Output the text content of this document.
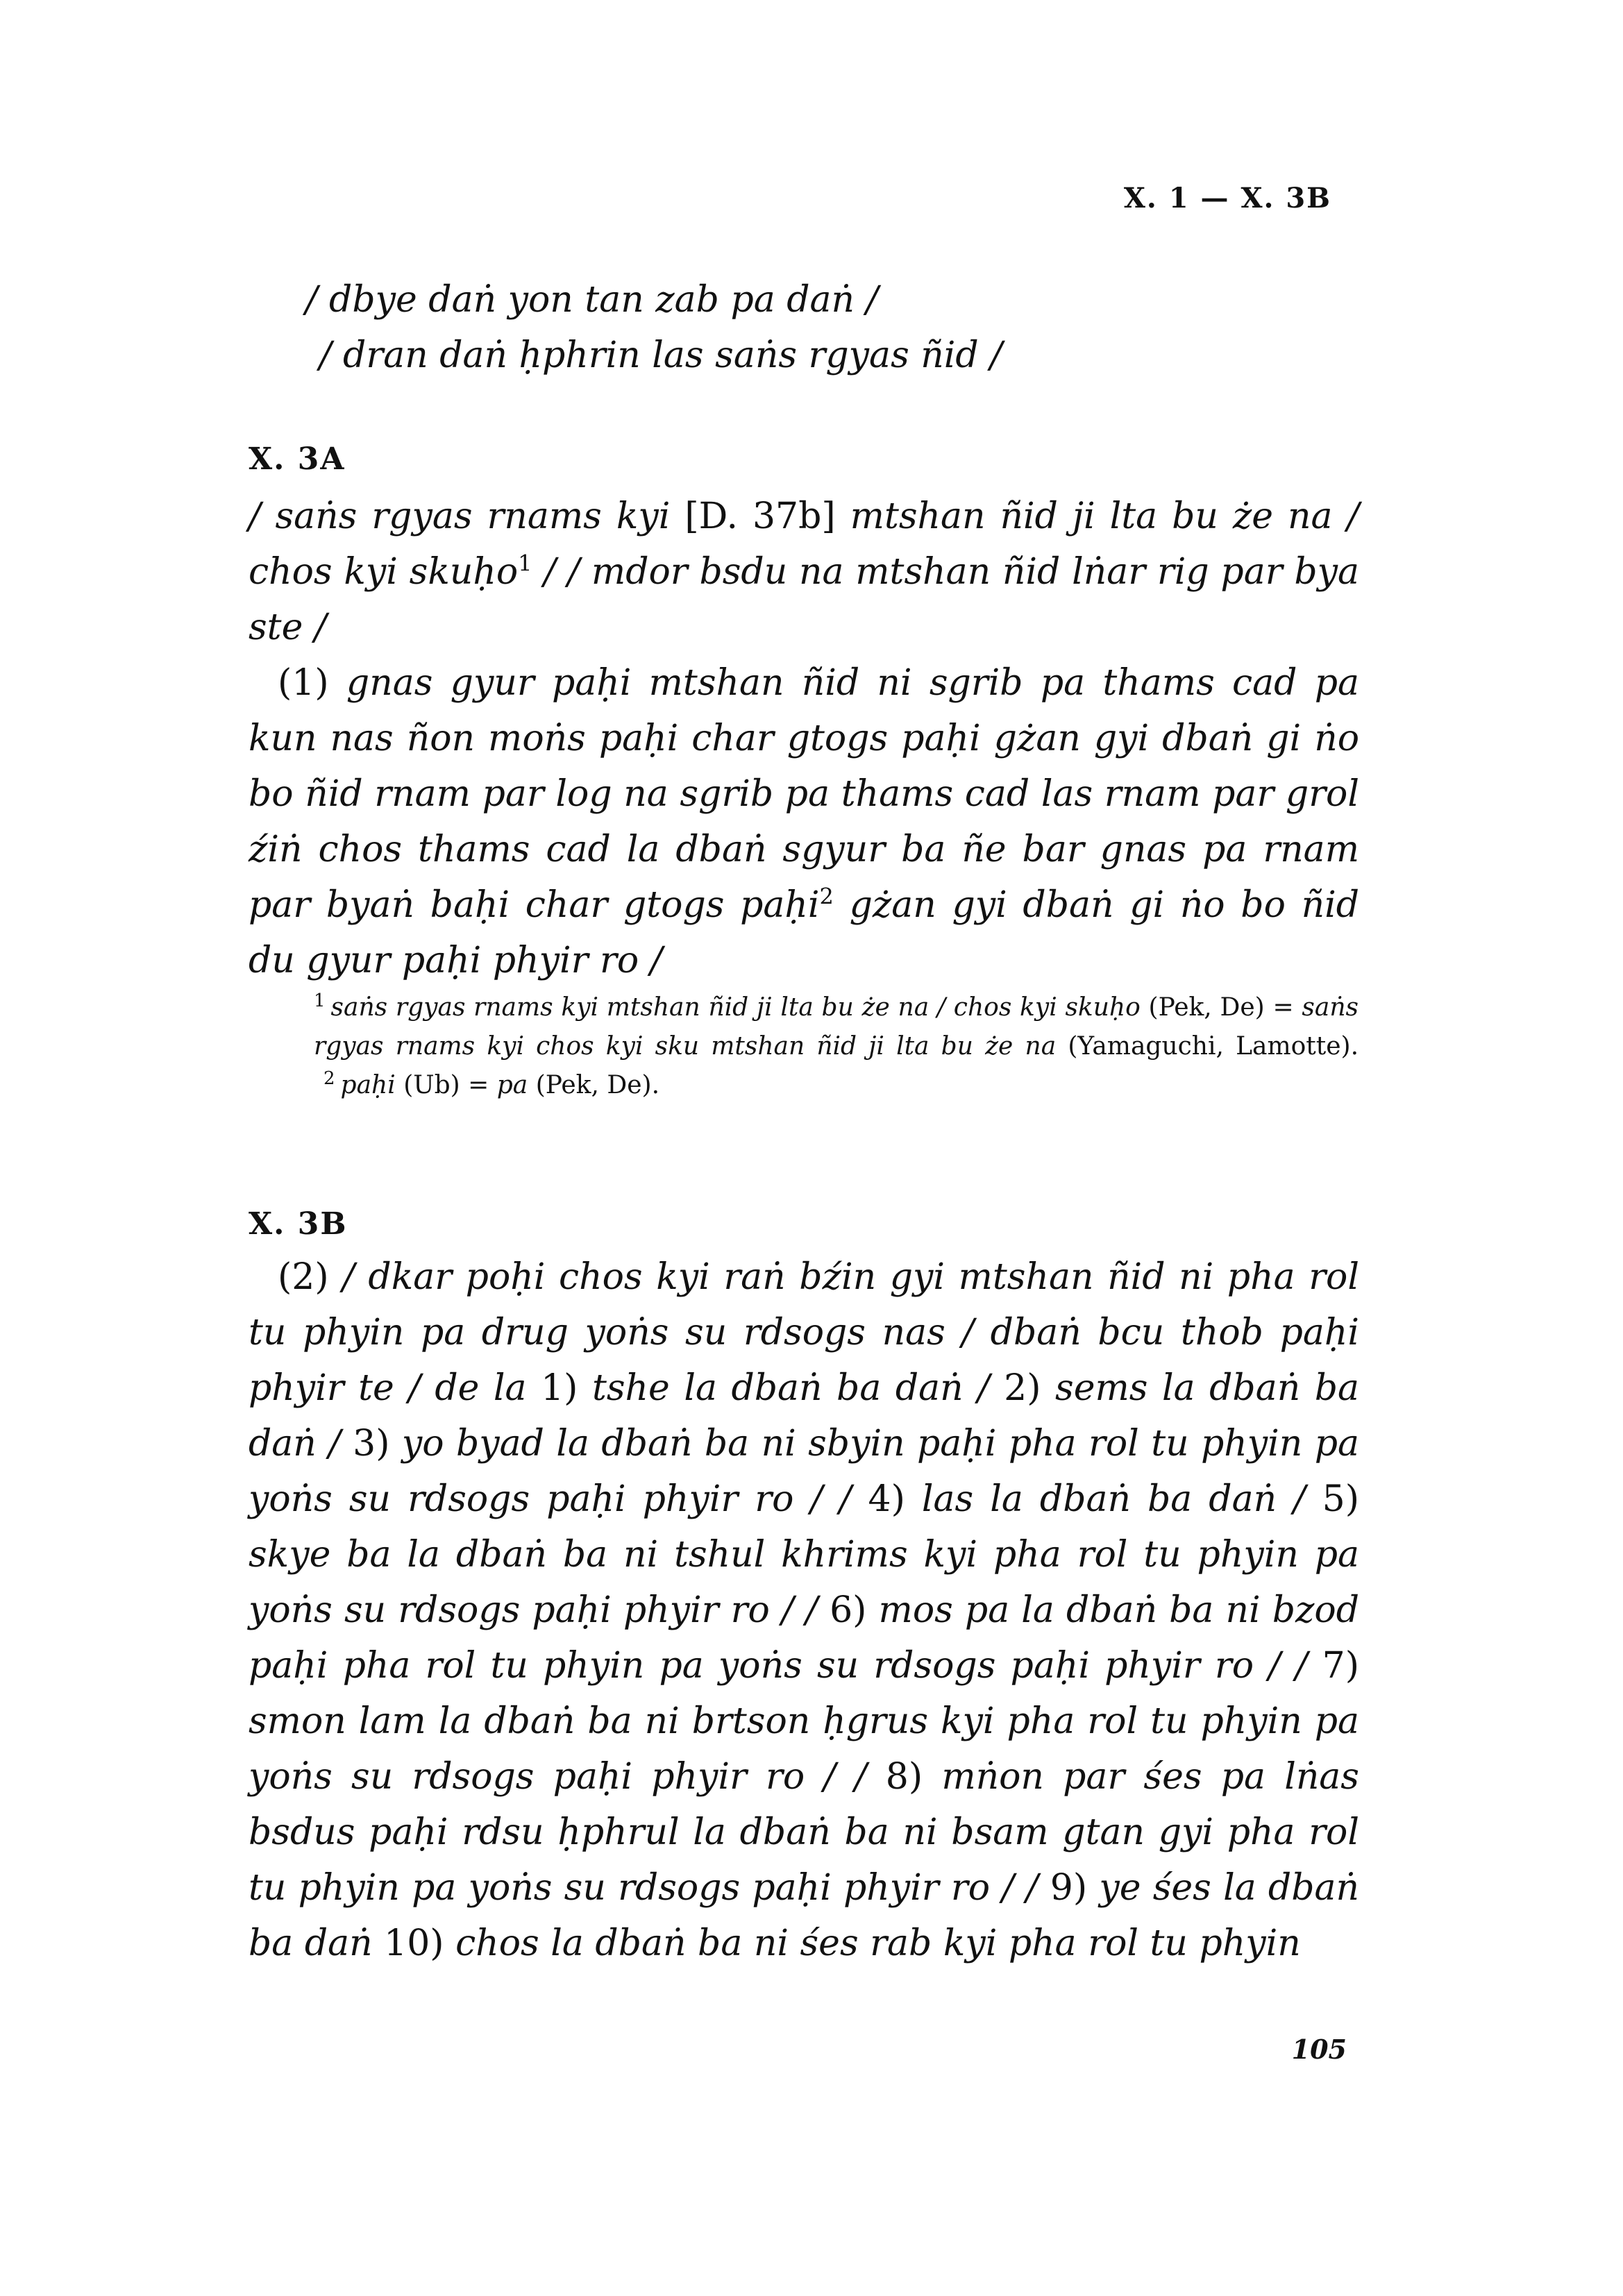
X. 1 — X. 3B
/ dbye daṅ yon tan zab pa daṅ /
/ dran daṅ ḥphrin las saṅs rgyas ñid /
X. 3A
/ saṅs rgyas rnams kyi [D. 37b] mtshan ñid ji lta bu że na / chos kyi skuḥo$^1$ / / mdor bsdu na mtshan ñid lṅar rig par bya ste /
(1) gnas gyur paḥi mtshan ñid ni sgrib pa thams cad pa kun nas ñon moṅs paḥi char gtogs paḥi gżan gyi dbaṅ gi ṅo bo ñid rnam par log na sgrib pa thams cad las rnam par grol źiṅ chos thams cad la dbaṅ sgyur ba ñe bar gnas pa rnam par byaṅ baḥi char gtogs paḥi$^2$ gżan gyi dbaṅ gi ṅo bo ñid du gyur paḥi phyir ro /
$^1$ saṅs rgyas rnams kyi mtshan ñid ji lta bu że na / chos kyi skuḥo (Pek, De) = saṅs rgyas rnams kyi chos kyi sku mtshan ñid ji lta bu że na (Yamaguchi, Lamotte). $^2$ paḥi (Ub) = pa (Pek, De).
X. 3B
(2) / dkar poḥi chos kyi raṅ bźin gyi mtshan ñid ni pha rol tu phyin pa drug yoṅs su rdsogs nas / dbaṅ bcu thob paḥi phyir te / de la 1) tshe la dbaṅ ba daṅ / 2) sems la dbaṅ ba daṅ / 3) yo byad la dbaṅ ba ni sbyin paḥi pha rol tu phyin pa yoṅs su rdsogs paḥi phyir ro / / 4) las la dbaṅ ba daṅ / 5) skye ba la dbaṅ ba ni tshul khrims kyi pha rol tu phyin pa yoṅs su rdsogs paḥi phyir ro / / 6) mos pa la dbaṅ ba ni bzod paḥi pha rol tu phyin pa yoṅs su rdsogs paḥi phyir ro / / 7) smon lam la dbaṅ ba ni brtson ḥgrus kyi pha rol tu phyin pa yoṅs su rdsogs paḥi phyir ro / / 8) mṅon par śes pa lṅas bsdus paḥi rdsu ḥphrul la dbaṅ ba ni bsam gtan gyi pha rol tu phyin pa yoṅs su rdsogs paḥi phyir ro / / 9) ye śes la dbaṅ ba daṅ 10) chos la dbaṅ ba ni śes rab kyi pha rol tu phyin
105
